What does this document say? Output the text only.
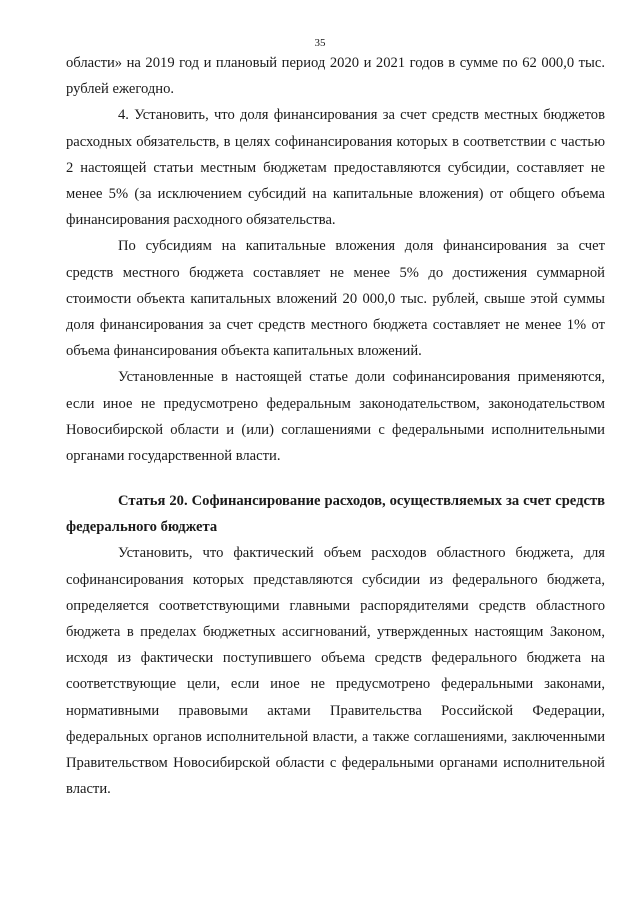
35

области» на 2019 год и плановый период 2020 и 2021 годов в сумме по 62 000,0 тыс. рублей ежегодно.

4. Установить, что доля финансирования за счет средств местных бюджетов расходных обязательств, в целях софинансирования которых в соответствии с частью 2 настоящей статьи местным бюджетам предоставляются субсидии, составляет не менее 5% (за исключением субсидий на капитальные вложения) от общего объема финансирования расходного обязательства.

По субсидиям на капитальные вложения доля финансирования за счет средств местного бюджета составляет не менее 5% до достижения суммарной стоимости объекта капитальных вложений 20 000,0 тыс. рублей, свыше этой суммы доля финансирования за счет средств местного бюджета составляет не менее 1% от объема финансирования объекта капитальных вложений.

Установленные в настоящей статье доли софинансирования применяются, если иное не предусмотрено федеральным законодательством, законодательством Новосибирской области и (или) соглашениями с федеральными исполнительными органами государственной власти.

Статья 20. Софинансирование расходов, осуществляемых за счет средств федерального бюджета

Установить, что фактический объем расходов областного бюджета, для софинансирования которых представляются субсидии из федерального бюджета, определяется соответствующими главными распорядителями средств областного бюджета в пределах бюджетных ассигнований, утвержденных настоящим Законом, исходя из фактически поступившего объема средств федерального бюджета на соответствующие цели, если иное не предусмотрено федеральными законами, нормативными правовыми актами Правительства Российской Федерации, федеральных органов исполнительной власти, а также соглашениями, заключенными Правительством Новосибирской области с федеральными органами исполнительной власти.
